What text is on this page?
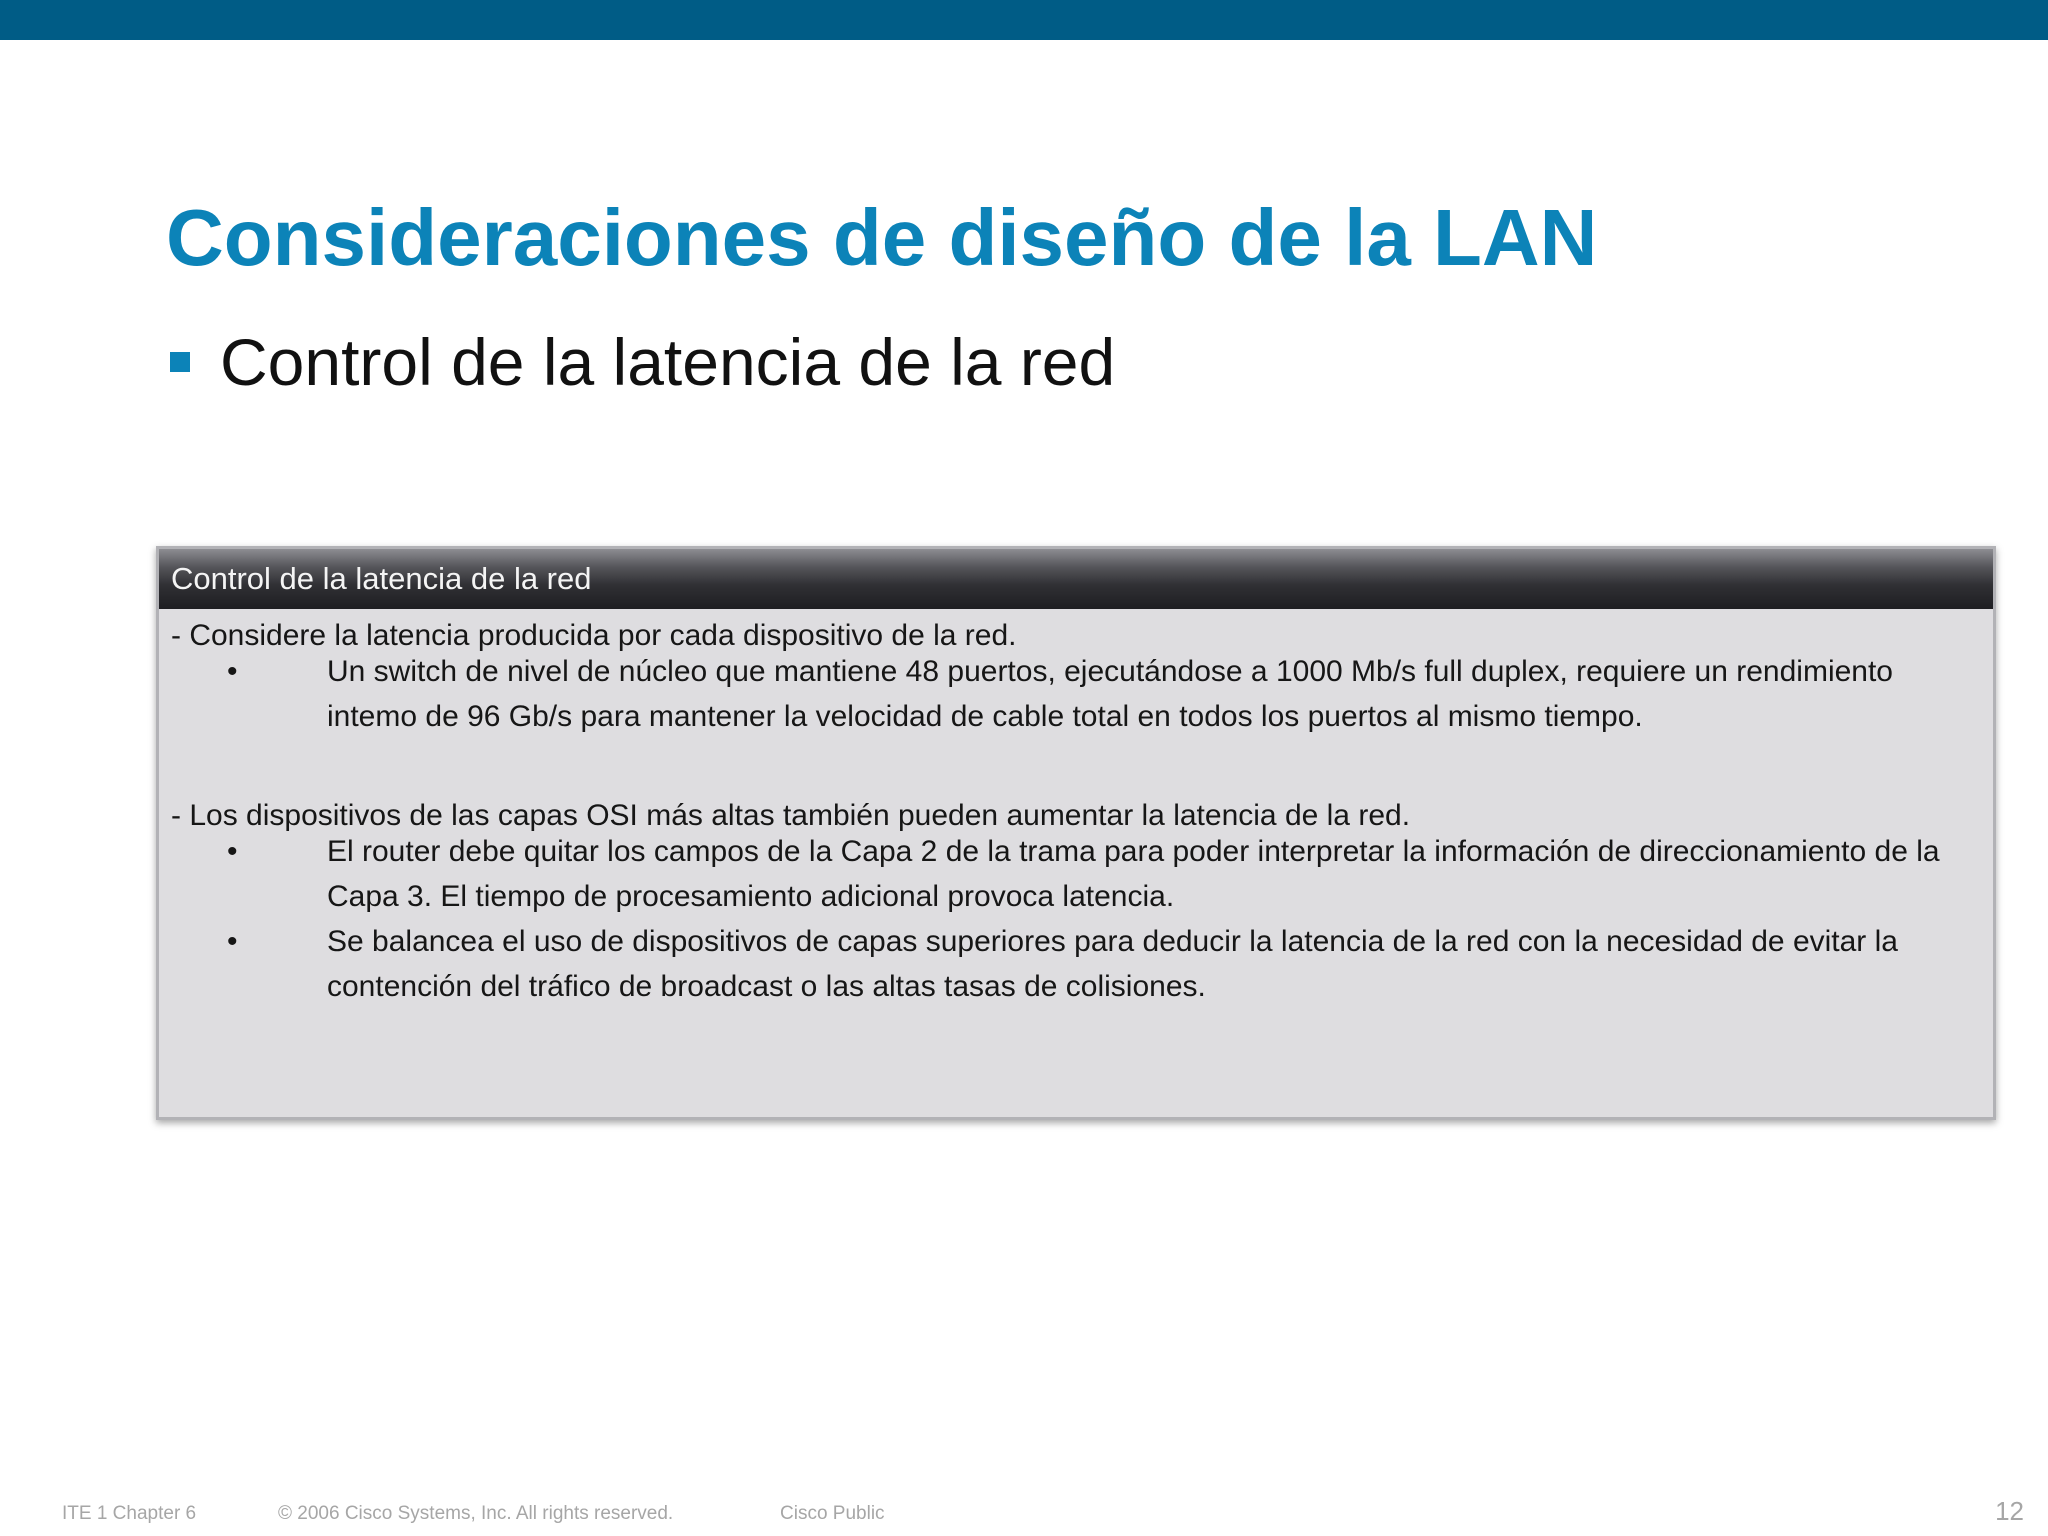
Consideraciones de diseño de la LAN
Control de la latencia de la red
Control de la latencia de la red
- Considere la latencia producida por cada dispositivo de la red.
•	Un switch de nivel de núcleo que mantiene 48 puertos, ejecutándose a 1000 Mb/s full duplex, requiere un rendimiento intemo de 96 Gb/s para mantener la velocidad de cable total en todos los puertos al mismo tiempo.
- Los dispositivos de las capas OSI más altas también pueden aumentar la latencia de la red.
•	El router debe quitar los campos de la Capa 2 de la trama para poder interpretar la información de direccionamiento de la Capa 3. El tiempo de procesamiento adicional provoca latencia.
•	Se balancea el uso de dispositivos de capas superiores para deducir la latencia de la red con la necesidad de evitar la contención del tráfico de broadcast o las altas tasas de colisiones.
ITE 1 Chapter 6	© 2006 Cisco Systems, Inc. All rights reserved.	Cisco Public	12
